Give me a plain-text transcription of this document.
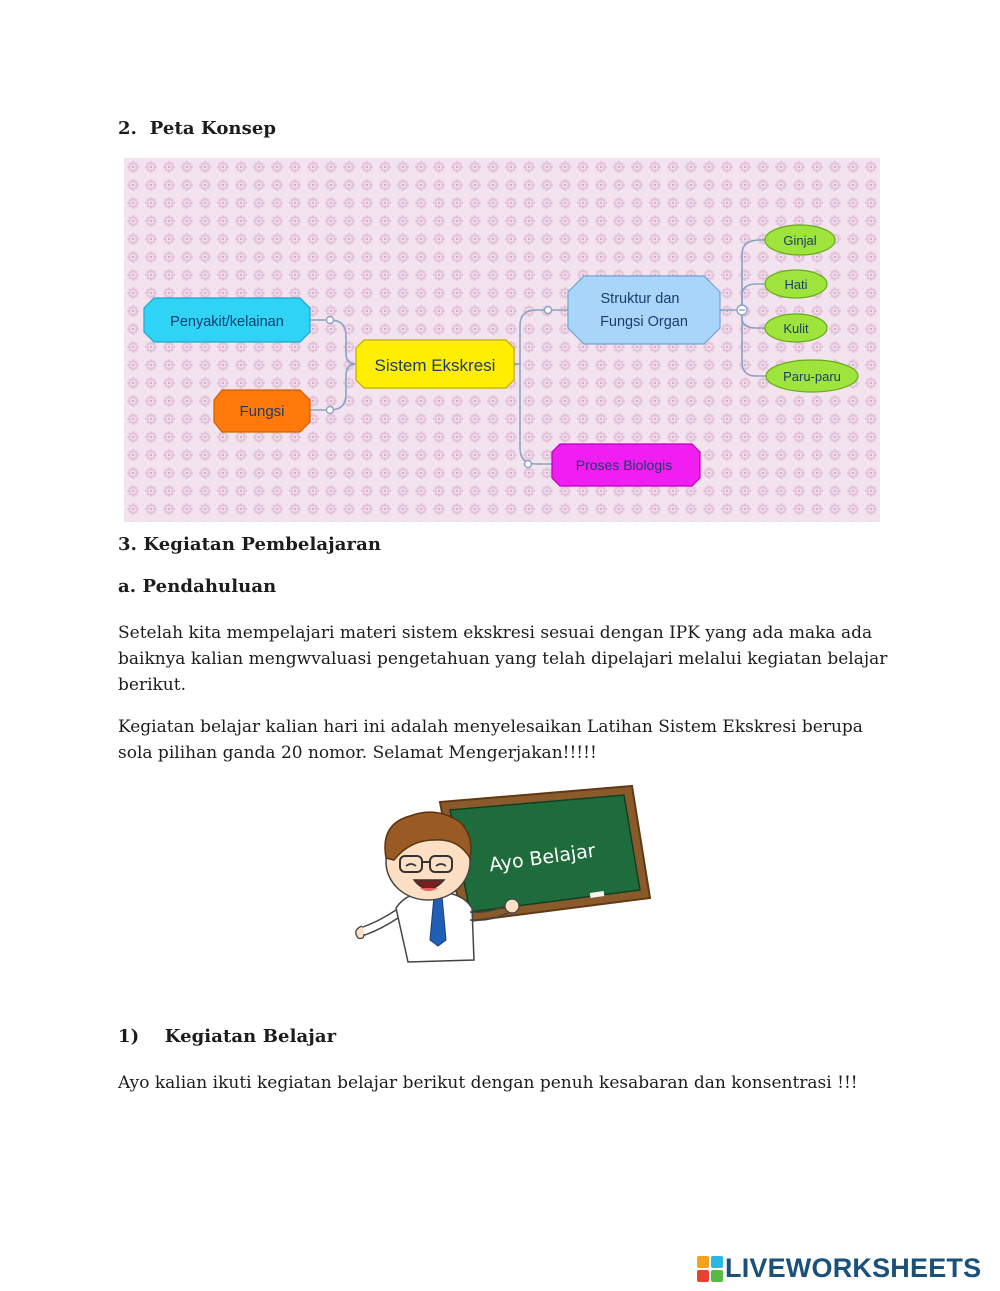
2. Peta Konsep
Penyakit/kelainan
Fungsi
Sistem Ekskresi
Struktur dan
Fungsi Organ
Proses Biologis
Ginjal
Hati
Kulit
Paru-paru
3. Kegiatan Pembelajaran
a. Pendahuluan
Setelah kita mempelajari materi sistem ekskresi sesuai dengan IPK yang ada maka ada baiknya kalian mengwvaluasi pengetahuan yang telah dipelajari melalui kegiatan belajar berikut.
Kegiatan belajar kalian hari ini adalah menyelesaikan Latihan Sistem Ekskresi berupa sola pilihan ganda 20 nomor. Selamat Mengerjakan!!!!!
Ayo Belajar
1) Kegiatan Belajar
Ayo kalian ikuti kegiatan belajar berikut dengan penuh kesabaran dan konsentrasi !!!
LIVEWORKSHEETS
